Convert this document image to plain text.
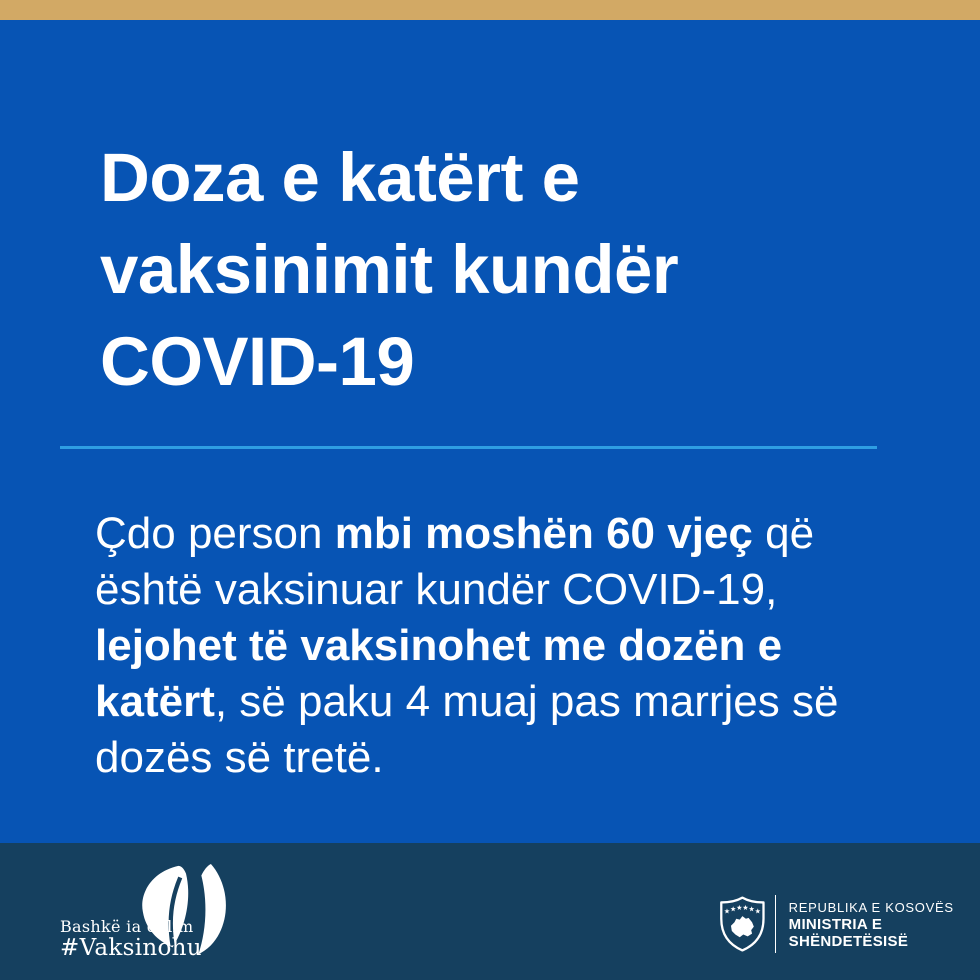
Doza e katërt e
vaksinimit kundër
COVID-19
Çdo person mbi moshën 60 vjeç që
është vaksinuar kundër COVID-19,
lejohet të vaksinohet me dozën e
katërt, së paku 4 muaj pas marrjes së
dozës së tretë.
Bashkë ia dalim
#Vaksinohu
REPUBLIKA E KOSOVËS
MINISTRIA E SHËNDETËSISË
